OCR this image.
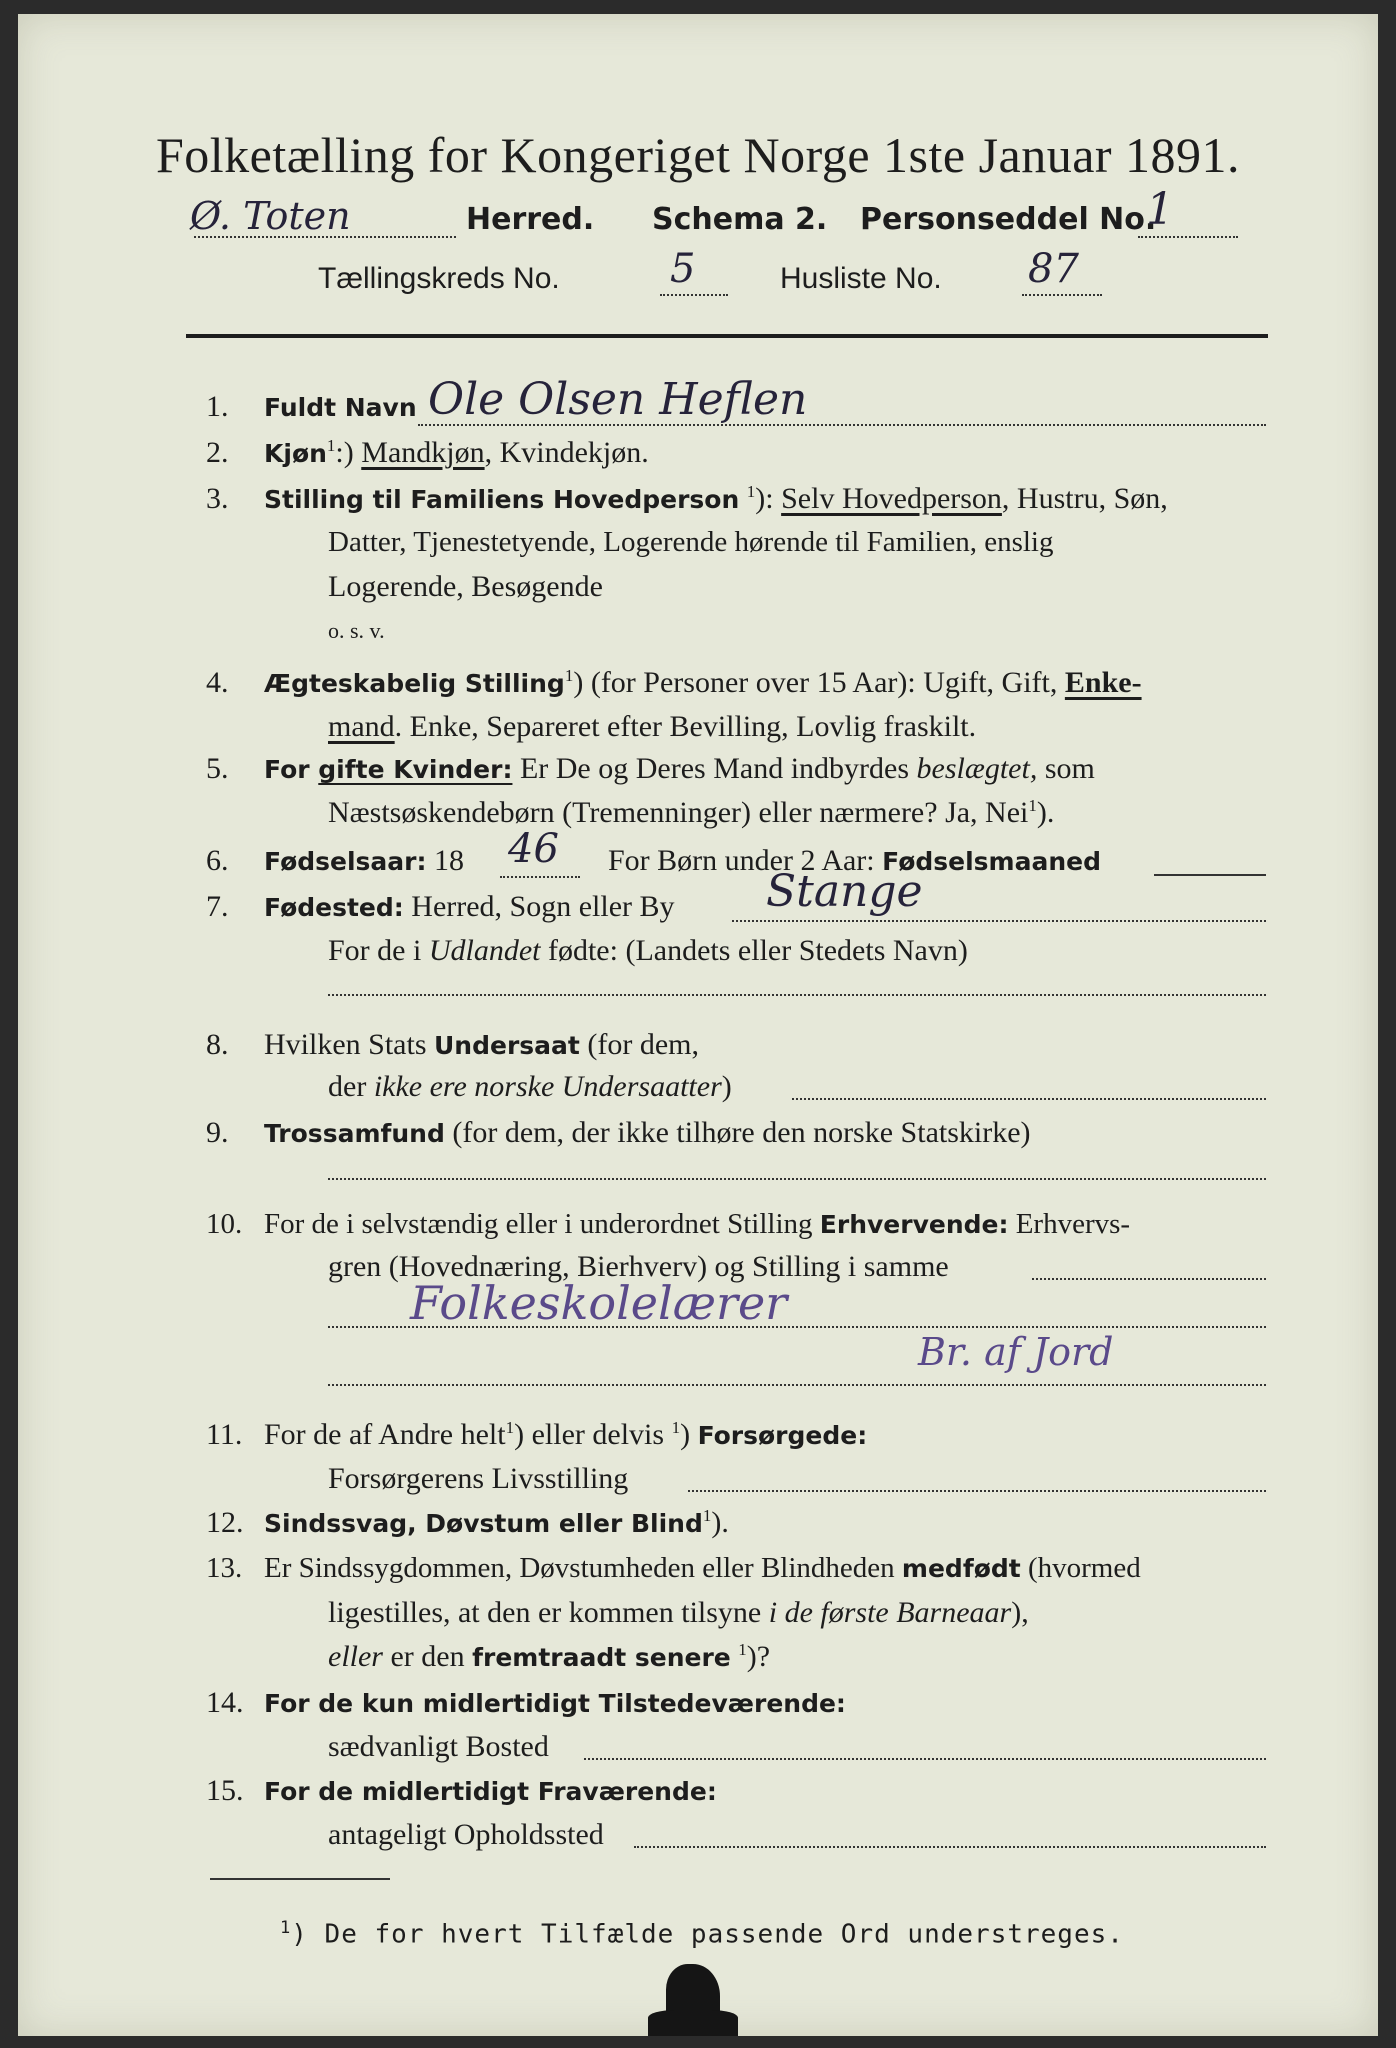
Folketælling for Kongeriget Norge 1ste Januar 1891.
Ø. Toten	Herred. Schema 2. Personseddel No.
1
Tællingskreds No.	5	Husliste No. 87
1. Fuldt Navn Ole Olsen Heflen
2. Kjøn$^1$:) Mandkjøn, Kvindekjøn.
3. Stilling til Familiens Hovedperson $^1$): Selv Hovedperson, Hustru, Søn,
Datter, Tjenestetyende, Logerende hørende til Familien, enslig
Logerende, Besøgende
o. s. v.
4. Ægteskabelig Stilling$^1$) (for Personer over 15 Aar): Ugift, Gift, Enke-
mand. Enke, Separeret efter Bevilling, Lovlig fraskilt.
5. For gifte Kvinder: Er De og Deres Mand indbyrdes beslægtet, som
Næstsøskendebørn (Tremenninger) eller nærmere? Ja, Nei$^1$).
6. Fødselsaar: 18 46 For Børn under 2 Aar: Fødselsmaaned
7. Fødested: Herred, Sogn eller By Stange
For de i Udlandet fødte: (Landets eller Stedets Navn)
8. Hvilken Stats Undersaat (for dem,
der ikke ere norske Undersaatter)
9. Trossamfund (for dem, der ikke tilhøre den norske Statskirke)
10. For de i selvstændig eller i underordnet Stilling Erhvervende: Erhvervs-
gren (Hovednæring, Bierhverv) og Stilling i samme
Folkeskolelærer
Br. af Jord
11. For de af Andre helt$^1$) eller delvis $^1$) Forsørgede:
Forsørgerens Livsstilling
12. Sindssvag, Døvstum eller Blind$^1$).
13. Er Sindssygdommen, Døvstumheden eller Blindheden medfødt (hvormed
ligestilles, at den er kommen tilsyne i de første Barneaar),
eller er den fremtraadt senere $^1$)?
14. For de kun midlertidigt Tilstedeværende:
sædvanligt Bosted
15. For de midlertidigt Fraværende:
antageligt Opholdssted
$^1$) De for hvert Tilfælde passende Ord understreges.
